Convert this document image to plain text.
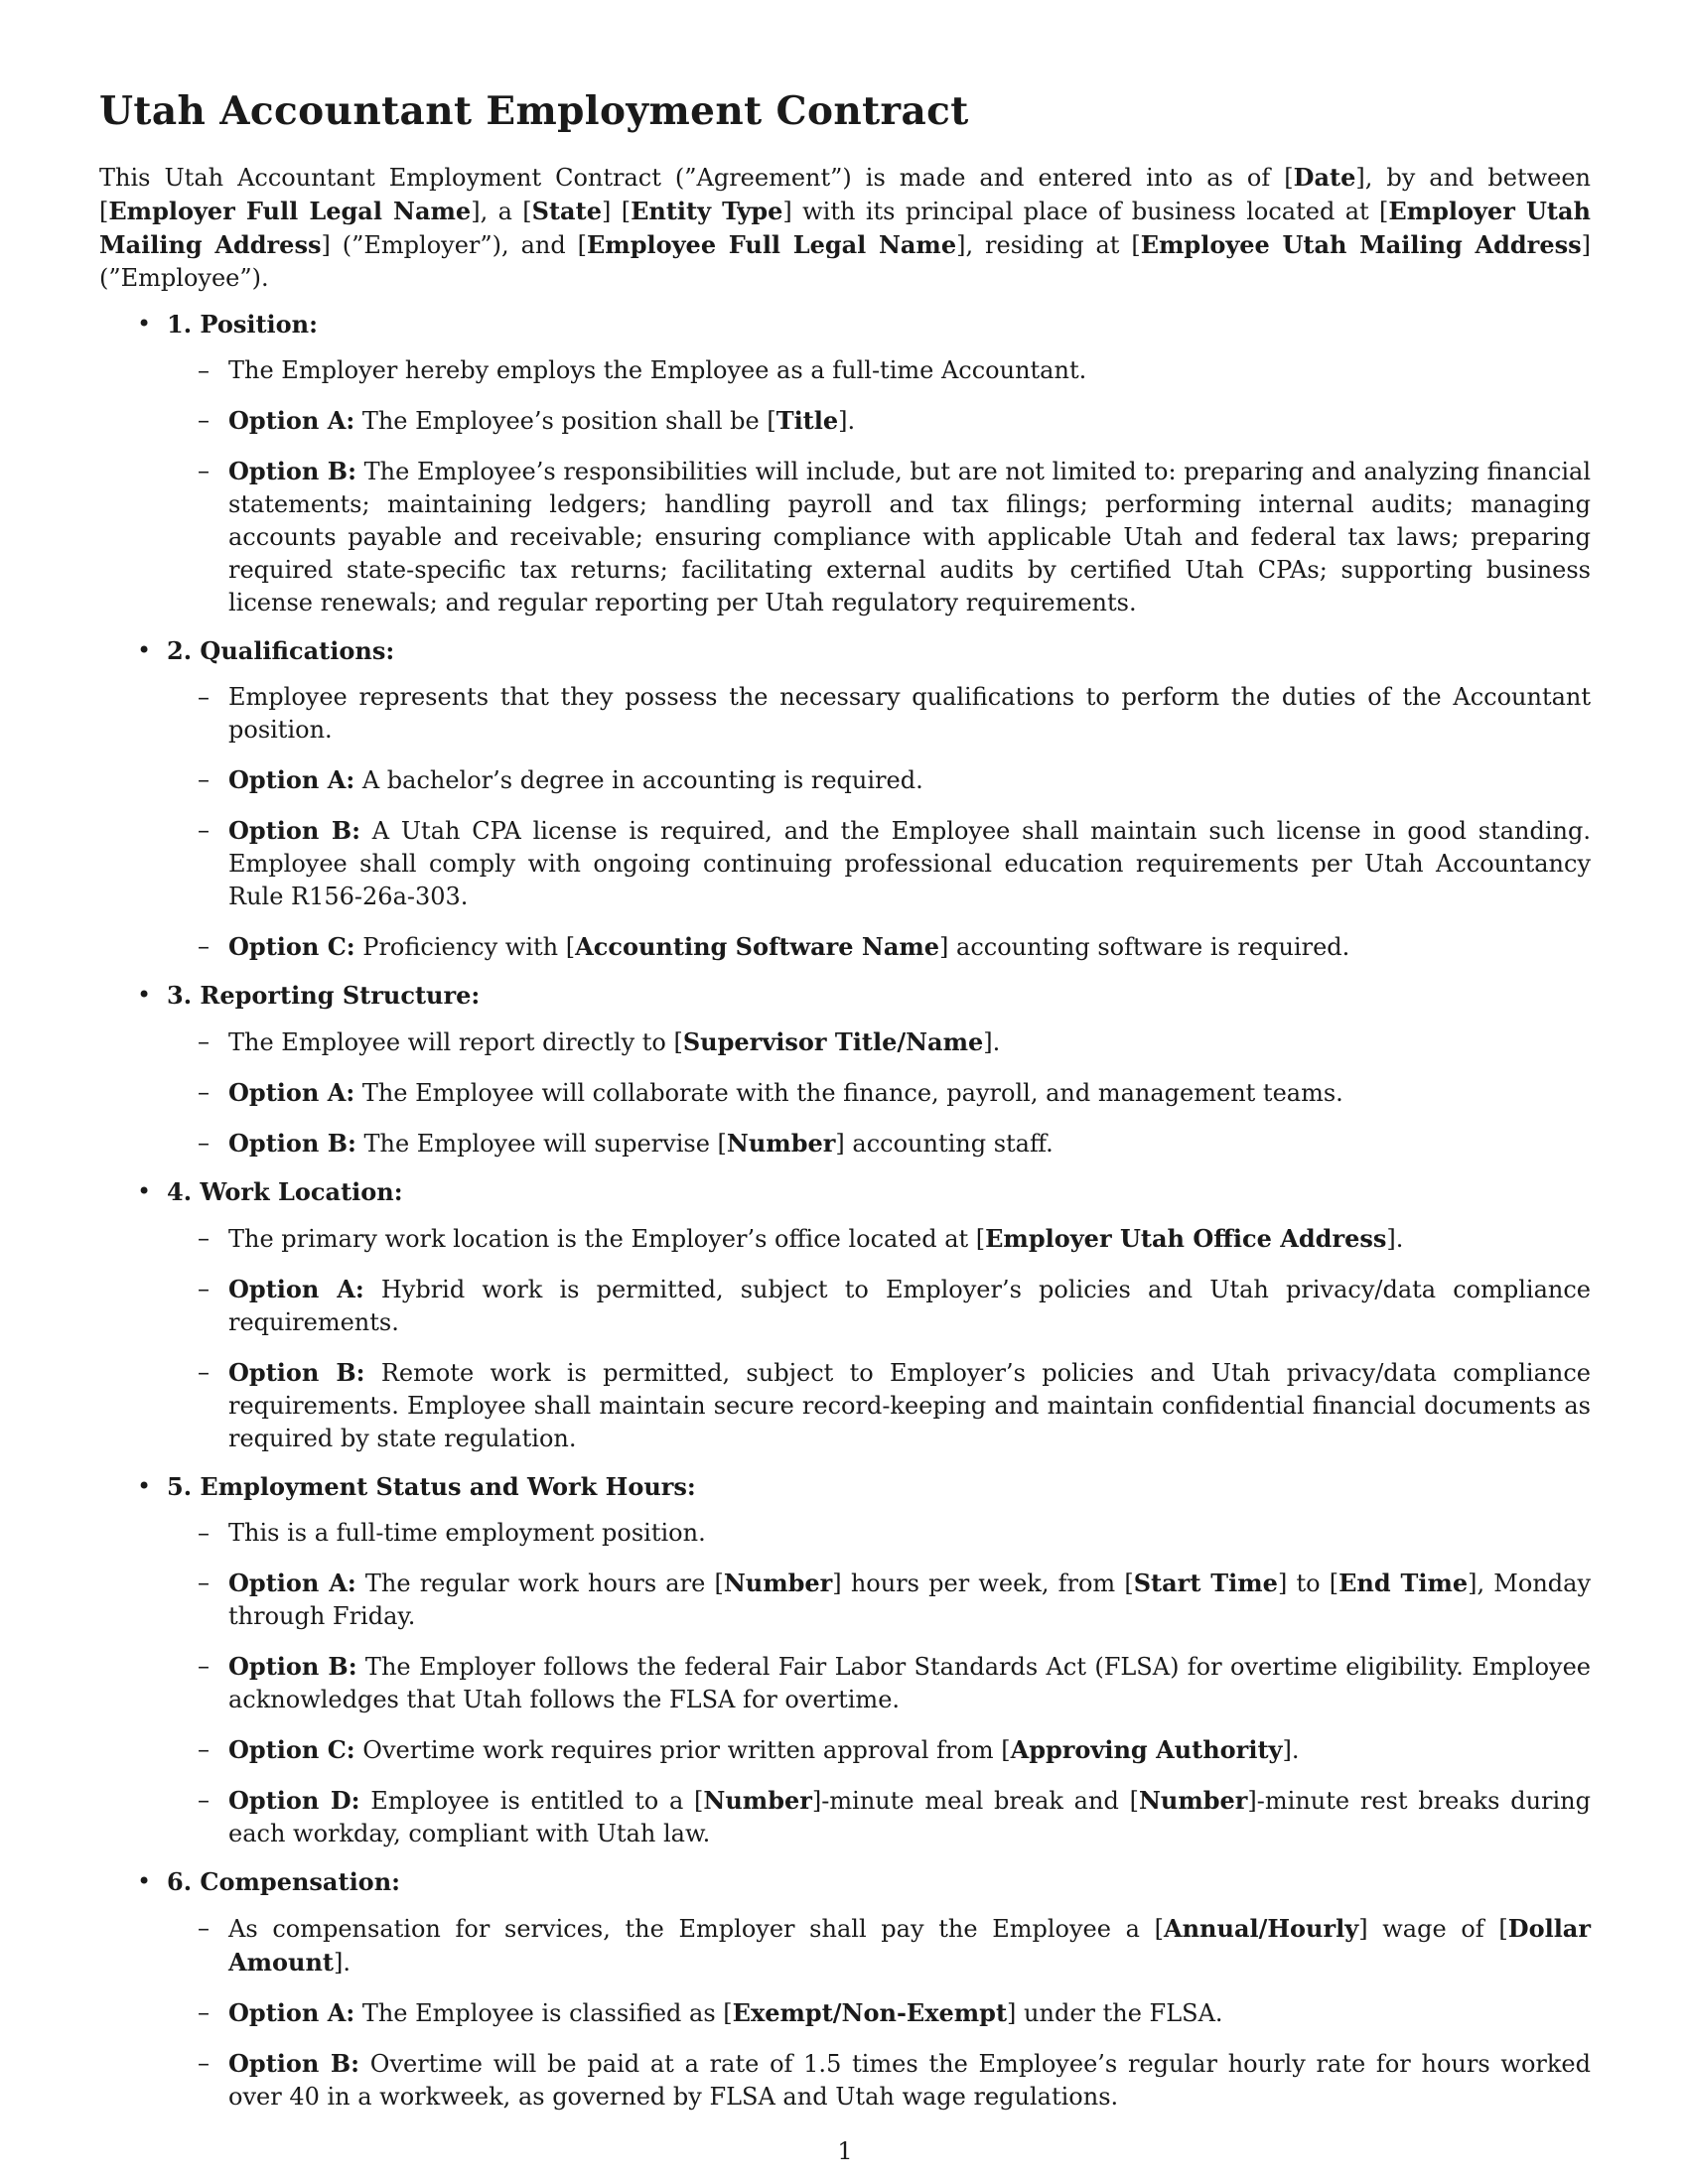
Utah Accountant Employment Contract

This Utah Accountant Employment Contract (”Agreement”) is made and entered into as of [Date], by and between [Employer Full Legal Name], a [State] [Entity Type] with its principal place of business located at [Employer Utah Mailing Address] (”Employer”), and [Employee Full Legal Name], residing at [Employee Utah Mailing Address] (”Employee”).

• 1. Position:
– The Employer hereby employs the Employee as a full-time Accountant.
– Option A: The Employee’s position shall be [Title].
– Option B: The Employee’s responsibilities will include, but are not limited to: preparing and analyzing financial statements; maintaining ledgers; handling payroll and tax filings; performing internal audits; managing accounts payable and receivable; ensuring compliance with applicable Utah and federal tax laws; preparing required state-specific tax returns; facilitating external audits by certified Utah CPAs; supporting business license renewals; and regular reporting per Utah regulatory requirements.
• 2. Qualifications:
– Employee represents that they possess the necessary qualifications to perform the duties of the Accountant position.
– Option A: A bachelor’s degree in accounting is required.
– Option B: A Utah CPA license is required, and the Employee shall maintain such license in good standing. Employee shall comply with ongoing continuing professional education requirements per Utah Accountancy Rule R156-26a-303.
– Option C: Proficiency with [Accounting Software Name] accounting software is required.
• 3. Reporting Structure:
– The Employee will report directly to [Supervisor Title/Name].
– Option A: The Employee will collaborate with the finance, payroll, and management teams.
– Option B: The Employee will supervise [Number] accounting staff.
• 4. Work Location:
– The primary work location is the Employer’s office located at [Employer Utah Office Address].
– Option A: Hybrid work is permitted, subject to Employer’s policies and Utah privacy/data compliance requirements.
– Option B: Remote work is permitted, subject to Employer’s policies and Utah privacy/data compliance requirements. Employee shall maintain secure record-keeping and maintain confidential financial documents as required by state regulation.
• 5. Employment Status and Work Hours:
– This is a full-time employment position.
– Option A: The regular work hours are [Number] hours per week, from [Start Time] to [End Time], Monday through Friday.
– Option B: The Employer follows the federal Fair Labor Standards Act (FLSA) for overtime eligibility. Employee acknowledges that Utah follows the FLSA for overtime.
– Option C: Overtime work requires prior written approval from [Approving Authority].
– Option D: Employee is entitled to a [Number]-minute meal break and [Number]-minute rest breaks during each workday, compliant with Utah law.
• 6. Compensation:
– As compensation for services, the Employer shall pay the Employee a [Annual/Hourly] wage of [Dollar Amount].
– Option A: The Employee is classified as [Exempt/Non-Exempt] under the FLSA.
– Option B: Overtime will be paid at a rate of 1.5 times the Employee’s regular hourly rate for hours worked over 40 in a workweek, as governed by FLSA and Utah wage regulations.
1
